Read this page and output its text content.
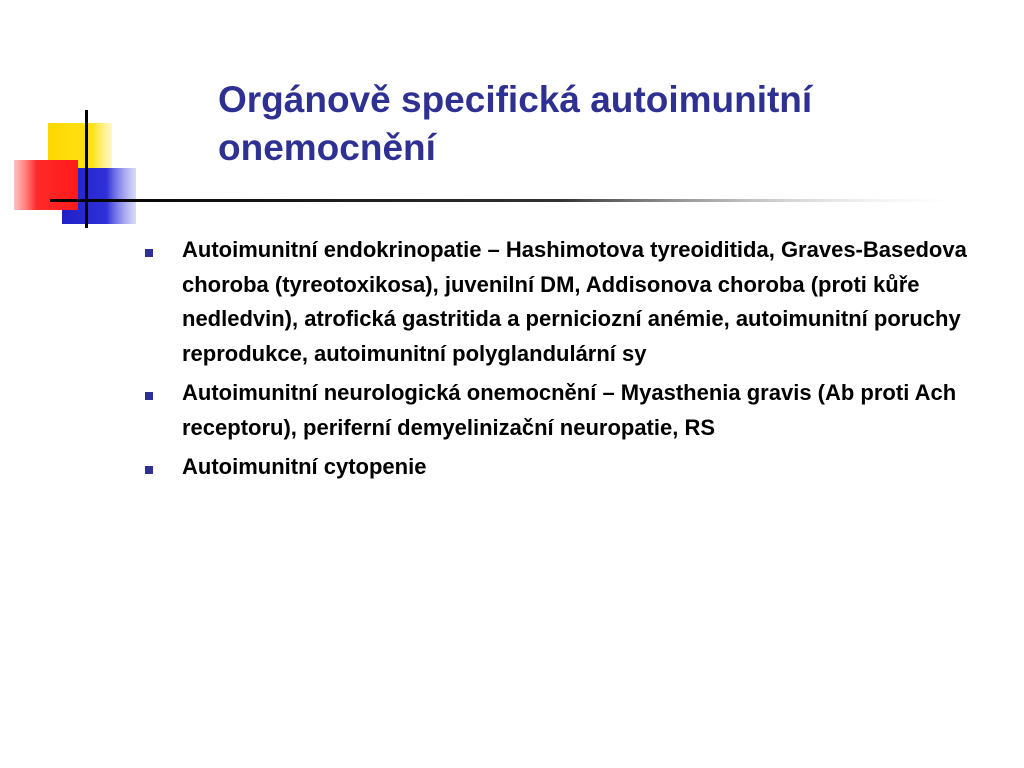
Orgánově specifická autoimunitní
onemocnění
Autoimunitní endokrinopatie – Hashimotova tyreoiditida, Graves-Basedova choroba (tyreotoxikosa), juvenilní DM, Addisonova choroba (proti kůře nedledvin), atrofická gastritida a perniciozní anémie, autoimunitní poruchy reprodukce, autoimunitní polyglandulární sy
Autoimunitní neurologická onemocnění – Myasthenia gravis (Ab proti Ach receptoru), periferní demyelinizační neuropatie, RS
Autoimunitní cytopenie
